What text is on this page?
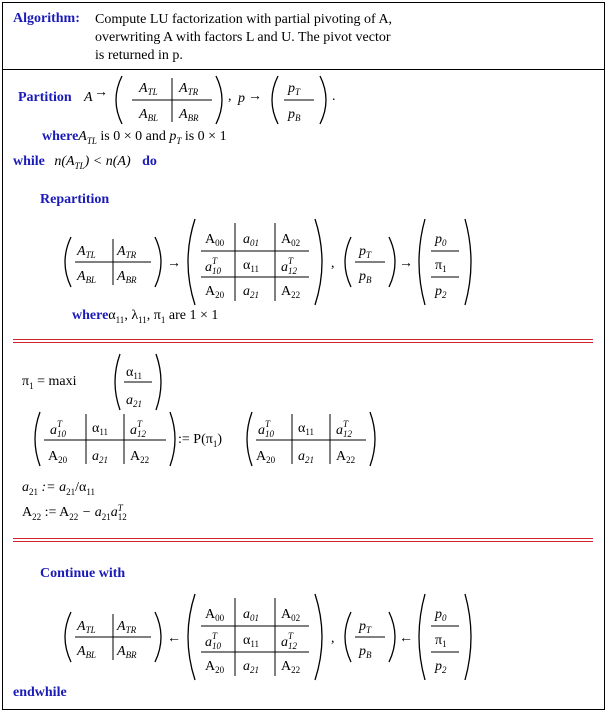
Algorithm: Compute LU factorization with partial pivoting of A,
overwriting A with factors L and U. The pivot vector
is returned in p.
Partition $A \to A_{TL}$ $A_{TR}$
$A_{BL}$ $A_{BR}$
, p →
$p_T$
$p_B$
.
whereA$_{TL}$ is 0 × 0 and $p_T$ is 0 × 1
while $n(A_{TL}) < n(A)$ do
Repartition
$A_{TL}$ $A_{TR}$
$A_{BL}$ $A_{BR}$
→
$A_{00}$ $a_{01}$ $A_{02}$
$a^T$ 10 $\alpha_{11}$ $a^T$ 12
$A_{20}$ $a_{21}$ $A_{22}$
,
$p_T$
$p_B$
→
$p_0$
$\pi_1$
$p_2$
whereα$_{11}$, $\lambda_{11}$, $\pi_1$ are 1 × 1
$\pi_1 = \max i$
$\alpha_{11}$
$a_{21}$
$a^T$ 10 $\alpha_{11}$ $a^T$ 12
$A_{20}$ $a_{21}$ $A_{22}$
$a^T$ 10 $\alpha_{11}$ $a^T$ 12
$A_{20}$ $a_{21}$ $A_{22}$
:= $P(\pi_1)$
$a_{21}$ := $a_{21}/\alpha_{11}$
$A_{22}$ := $A_{22} - a_{21}a$ T
12
Continue with
$A_{TL}$ $A_{TR}$
$A_{BL}$ $A_{BR}$
←
$A_{00}$ $a_{01}$ $A_{02}$
$a^T$ 10 $\alpha_{11}$ $a^T$ 12
$A_{20}$ $a_{21}$ $A_{22}$
,
$p_T$
$p_B$
←
$p_0$
$\pi_1$
$p_2$
endwhile
